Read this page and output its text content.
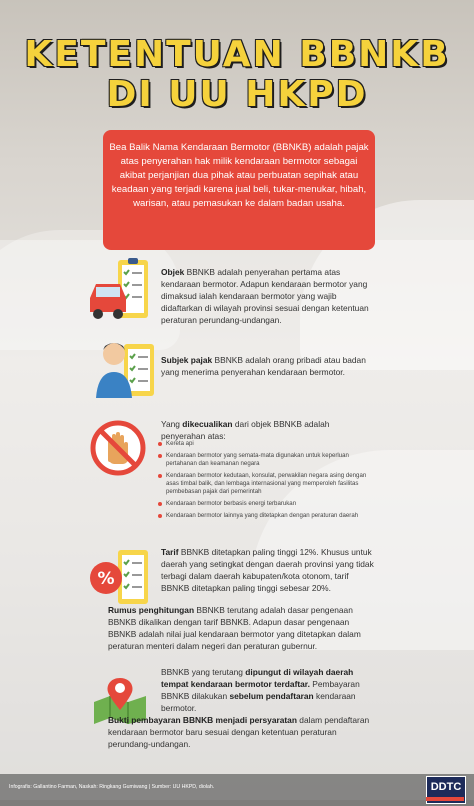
KETENTUAN BBNKB
DI UU HKPD
Bea Balik Nama Kendaraan Bermotor (BBNKB) adalah pajak atas penyerahan hak milik kendaraan bermotor sebagai akibat perjanjian dua pihak atau perbuatan sepihak atau keadaan yang terjadi karena jual beli, tukar-menukar, hibah, warisan, atau pemasukan ke dalam badan usaha.
Objek BBNKB adalah penyerahan pertama atas kendaraan bermotor. Adapun kendaraan bermotor yang dimaksud ialah kendaraan bermotor yang wajib didaftarkan di wilayah provinsi sesuai dengan ketentuan peraturan perundang-undangan.
Subjek pajak BBNKB adalah orang pribadi atau badan yang menerima penyerahan kendaraan bermotor.
Yang dikecualikan dari objek BBNKB adalah penyerahan atas:
Kereta api
Kendaraan bermotor yang semata-mata digunakan untuk keperluan pertahanan dan keamanan negara
Kendaraan bermotor kedutaan, konsulat, perwakilan negara asing dengan asas timbal balik, dan lembaga internasional yang memperoleh fasilitas pembebasan pajak dari pemerintah
Kendaraan bermotor berbasis energi terbarukan
Kendaraan bermotor lainnya yang ditetapkan dengan peraturan daerah
%
Tarif BBNKB ditetapkan paling tinggi 12%. Khusus untuk daerah yang setingkat dengan daerah provinsi yang tidak terbagi dalam daerah kabupaten/kota otonom, tarif BBNKB ditetapkan paling tinggi sebesar 20%.
Rumus penghitungan BBNKB terutang adalah dasar pengenaan BBNKB dikalikan dengan tarif BBNKB. Adapun dasar pengenaan BBNKB adalah nilai jual kendaraan bermotor yang ditetapkan dalam peraturan menteri dalam negeri dan peraturan gubernur.
BBNKB yang terutang dipungut di wilayah daerah tempat kendaraan bermotor terdaftar. Pembayaran BBNKB dilakukan sebelum pendaftaran kendaraan bermotor.
Bukti pembayaran BBNKB menjadi persyaratan dalam pendaftaran kendaraan bermotor baru sesuai dengan ketentuan peraturan perundang-undangan.
Infografis: Gallantino Farman, Naskah: Ringkang Gumiwang | Sumber: UU HKPD, diolah.	DDTC
